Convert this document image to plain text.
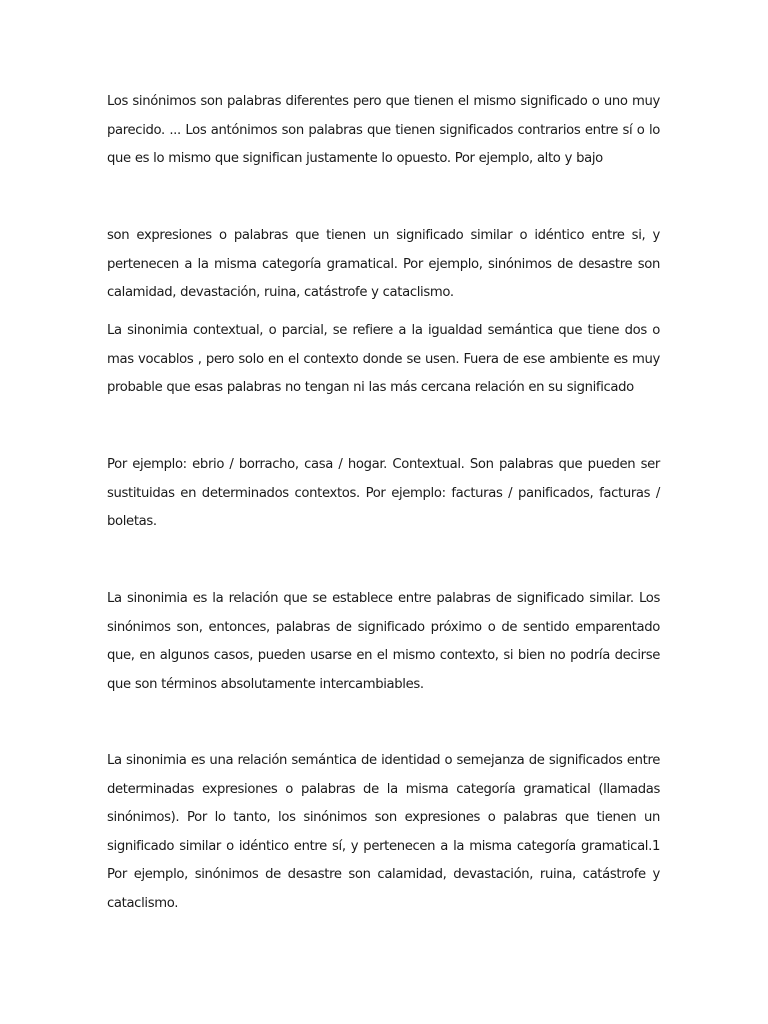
Los sinónimos son palabras diferentes pero que tienen el mismo significado o uno muy parecido. ... Los antónimos son palabras que tienen significados contrarios entre sí o lo que es lo mismo que significan justamente lo opuesto. Por ejemplo, alto y bajo

son expresiones o palabras que tienen un significado similar o idéntico entre si, y pertenecen a la misma categoría gramatical. Por ejemplo, sinónimos de desastre son calamidad, devastación, ruina, catástrofe y cataclismo.

La sinonimia contextual, o parcial, se refiere a la igualdad semántica que tiene dos o mas vocablos , pero solo en el contexto donde se usen. Fuera de ese ambiente es muy probable que esas palabras no tengan ni las más cercana relación en su significado

Por ejemplo: ebrio / borracho, casa / hogar. Contextual. Son palabras que pueden ser sustituidas en determinados contextos. Por ejemplo: facturas / panificados, facturas / boletas.

La sinonimia es la relación que se establece entre palabras de significado similar. Los sinónimos son, entonces, palabras de significado próximo o de sentido emparentado que, en algunos casos, pueden usarse en el mismo contexto, si bien no podría decirse que son términos absolutamente intercambiables.

La sinonimia es una relación semántica de identidad o semejanza de significados entre determinadas expresiones o palabras de la misma categoría gramatical (llamadas sinónimos). Por lo tanto, los sinónimos son expresiones o palabras que tienen un significado similar o idéntico entre sí, y pertenecen a la misma categoría gramatical.1 Por ejemplo, sinónimos de desastre son calamidad, devastación, ruina, catástrofe y cataclismo.
